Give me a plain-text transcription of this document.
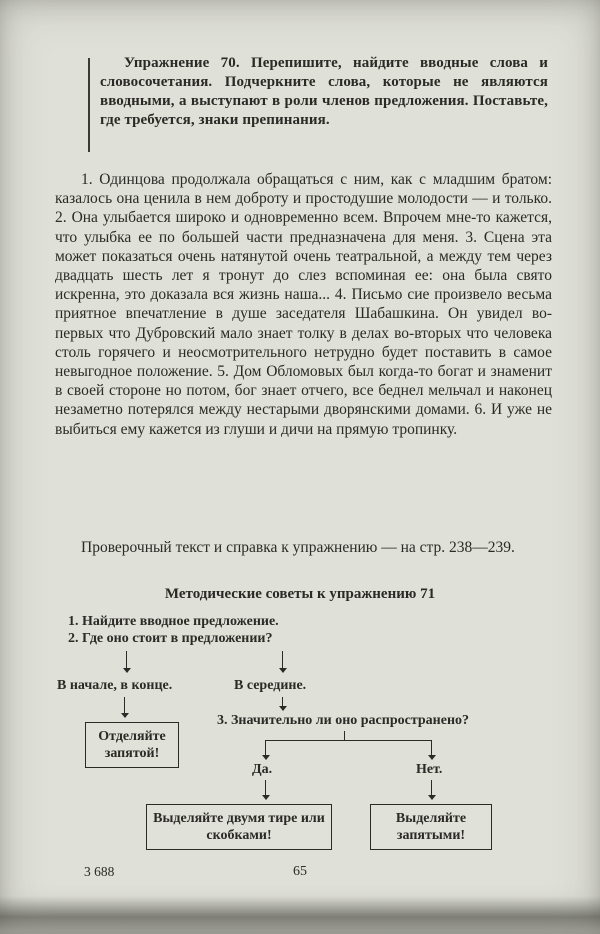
Упражнение 70. Перепишите, найдите вводные слова и словосочетания. Подчеркните слова, которые не являются вводными, а выступают в роли членов предложения. Поставьте, где требуется, знаки препинания.
1. Одинцова продолжала обращаться с ним, как с младшим братом: казалось она ценила в нем доброту и простодушие молодости — и только. 2. Она улыбается широко и одновременно всем. Впрочем мне-то кажется, что улыбка ее по большей части предназначена для меня. 3. Сцена эта может показаться очень натянутой очень театральной, а между тем через двадцать шесть лет я тронут до слез вспоминая ее: она была свято искренна, это доказала вся жизнь наша... 4. Письмо сие произвело весьма приятное впечатление в душе заседателя Шабашкина. Он увидел во-первых что Дубровский мало знает толку в делах во-вторых что человека столь горячего и неосмотрительного нетрудно будет поставить в самое невыгодное положение. 5. Дом Обломовых был когда-то богат и знаменит в своей стороне но потом, бог знает отчего, все беднел мельчал и наконец незаметно потерялся между нестарыми дворянскими домами. 6. И уже не выбиться ему кажется из глуши и дичи на прямую тропинку.
Проверочный текст и справка к упражнению — на стр. 238—239.
Методические советы к упражнению 71
1. Найдите вводное предложение.
2. Где оно стоит в предложении?
В начале, в конце.	В середине.
Отделяйте запятой!
3. Значительно ли оно распространено?
Да.	Нет.
Выделяйте двумя тире или скобками!
Выделяйте запятыми!
3 688	65
